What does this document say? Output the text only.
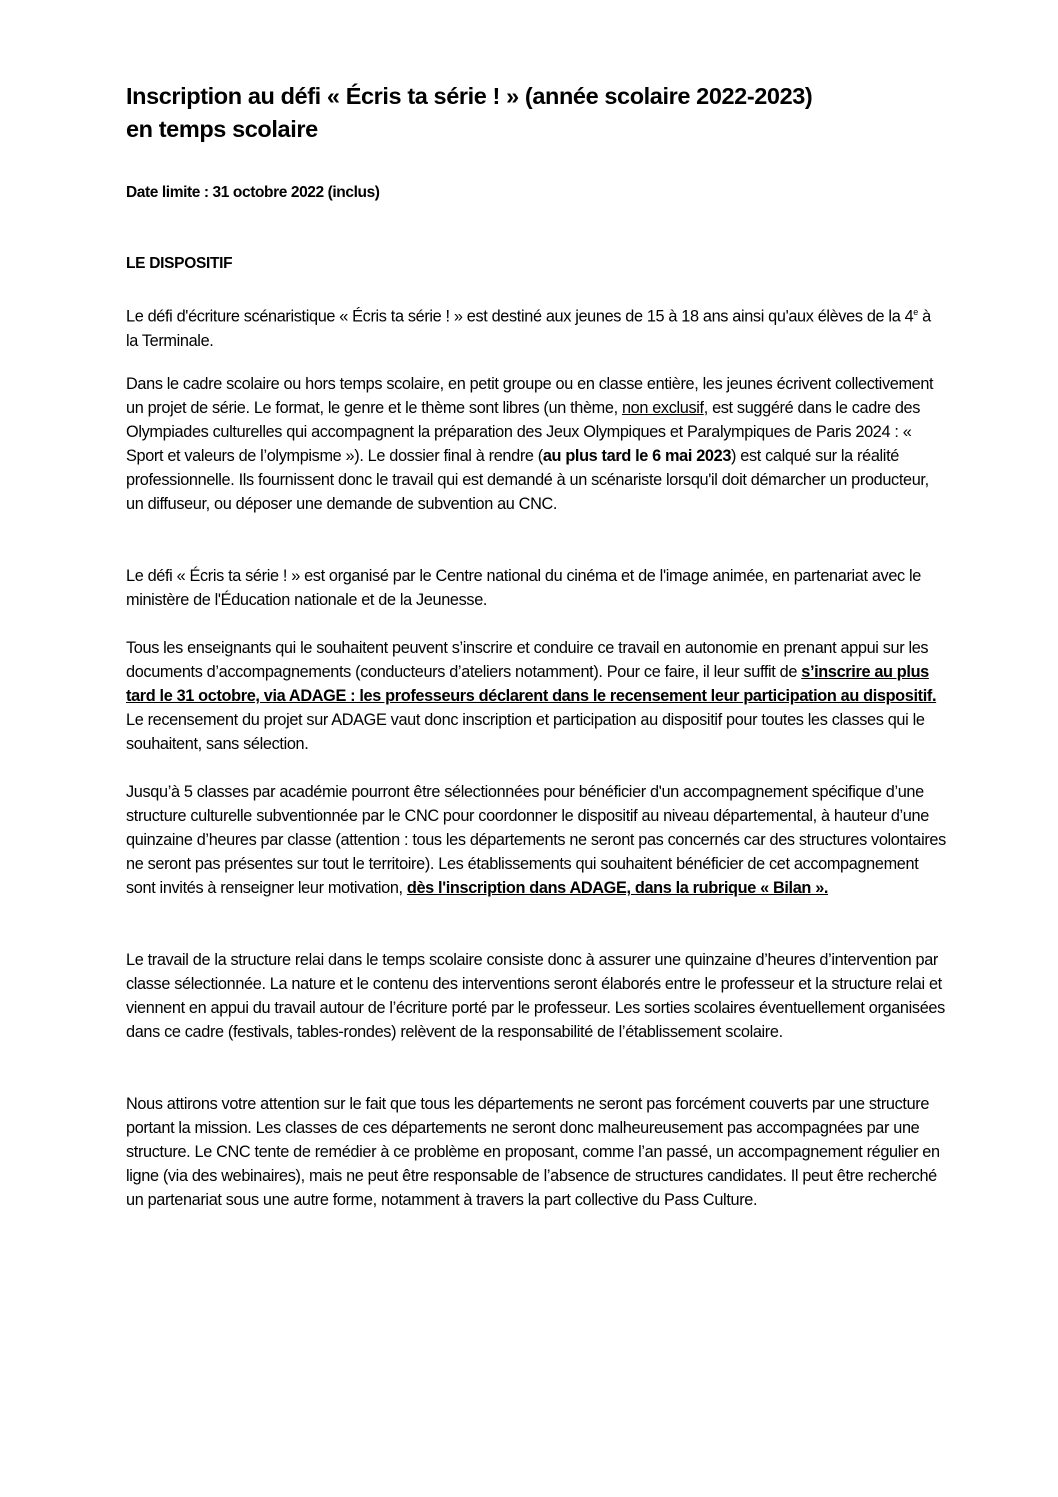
Inscription au défi « Écris ta série ! » (année scolaire 2022-2023)
en temps scolaire

Date limite : 31 octobre 2022 (inclus)

LE DISPOSITIF

Le défi d'écriture scénaristique « Écris ta série ! » est destiné aux jeunes de 15 à 18 ans ainsi qu'aux élèves de la 4e à la Terminale.

Dans le cadre scolaire ou hors temps scolaire, en petit groupe ou en classe entière, les jeunes écrivent collectivement un projet de série. Le format, le genre et le thème sont libres (un thème, non exclusif, est suggéré dans le cadre des Olympiades culturelles qui accompagnent la préparation des Jeux Olympiques et Paralympiques de Paris 2024 : « Sport et valeurs de l’olympisme »). Le dossier final à rendre (au plus tard le 6 mai 2023) est calqué sur la réalité professionnelle. Ils fournissent donc le travail qui est demandé à un scénariste lorsqu'il doit démarcher un producteur, un diffuseur, ou déposer une demande de subvention au CNC.

Le défi « Écris ta série ! » est organisé par le Centre national du cinéma et de l'image animée, en partenariat avec le ministère de l'Éducation nationale et de la Jeunesse.

Tous les enseignants qui le souhaitent peuvent s’inscrire et conduire ce travail en autonomie en prenant appui sur les documents d’accompagnements (conducteurs d’ateliers notamment). Pour ce faire, il leur suffit de s’inscrire au plus tard le 31 octobre, via ADAGE : les professeurs déclarent dans le recensement leur participation au dispositif. Le recensement du projet sur ADAGE vaut donc inscription et participation au dispositif pour toutes les classes qui le souhaitent, sans sélection.

Jusqu’à 5 classes par académie pourront être sélectionnées pour bénéficier d'un accompagnement spécifique d’une structure culturelle subventionnée par le CNC pour coordonner le dispositif au niveau départemental, à hauteur d’une quinzaine d’heures par classe (attention : tous les départements ne seront pas concernés car des structures volontaires ne seront pas présentes sur tout le territoire). Les établissements qui souhaitent bénéficier de cet accompagnement sont invités à renseigner leur motivation, dès l'inscription dans ADAGE, dans la rubrique « Bilan ».

Le travail de la structure relai dans le temps scolaire consiste donc à assurer une quinzaine d’heures d’intervention par classe sélectionnée. La nature et le contenu des interventions seront élaborés entre le professeur et la structure relai et viennent en appui du travail autour de l’écriture porté par le professeur. Les sorties scolaires éventuellement organisées dans ce cadre (festivals, tables-rondes) relèvent de la responsabilité de l’établissement scolaire.

Nous attirons votre attention sur le fait que tous les départements ne seront pas forcément couverts par une structure portant la mission. Les classes de ces départements ne seront donc malheureusement pas accompagnées par une structure. Le CNC tente de remédier à ce problème en proposant, comme l’an passé, un accompagnement régulier en ligne (via des webinaires), mais ne peut être responsable de l’absence de structures candidates. Il peut être recherché un partenariat sous une autre forme, notamment à travers la part collective du Pass Culture.
